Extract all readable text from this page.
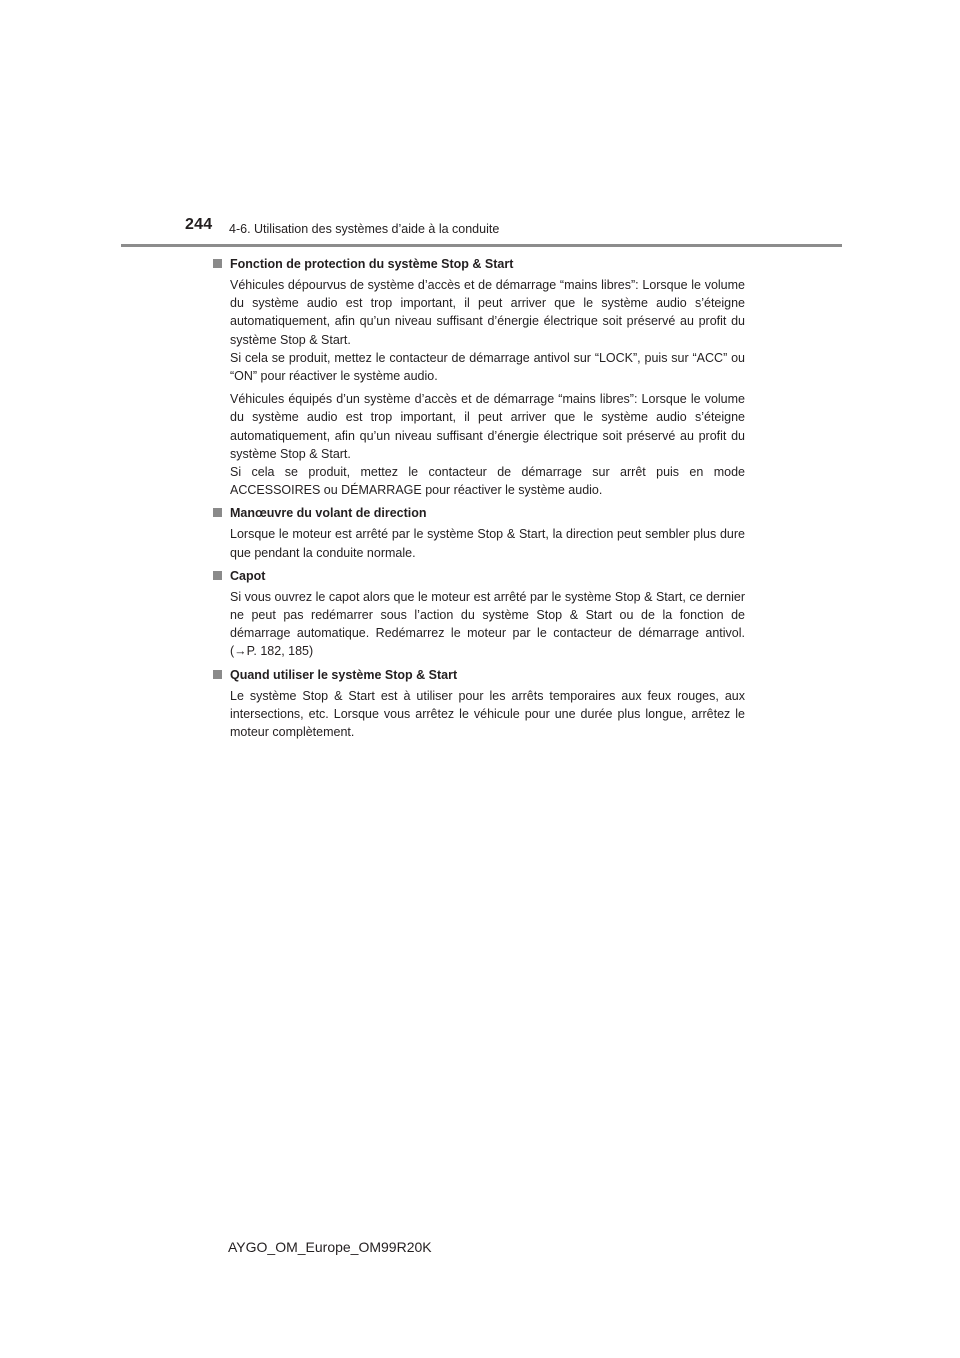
244 4-6. Utilisation des systèmes d’aide à la conduite
Fonction de protection du système Stop & Start
Véhicules dépourvus de système d’accès et de démarrage “mains libres”: Lorsque le volume du système audio est trop important, il peut arriver que le système audio s’éteigne automatiquement, afin qu’un niveau suffisant d’énergie électrique soit préservé au profit du système Stop & Start.
Si cela se produit, mettez le contacteur de démarrage antivol sur “LOCK”, puis sur “ACC” ou “ON” pour réactiver le système audio.
Véhicules équipés d’un système d’accès et de démarrage “mains libres”: Lorsque le volume du système audio est trop important, il peut arriver que le système audio s’éteigne automatiquement, afin qu’un niveau suffisant d’énergie électrique soit préservé au profit du système Stop & Start.
Si cela se produit, mettez le contacteur de démarrage sur arrêt puis en mode ACCESSOIRES ou DÉMARRAGE pour réactiver le système audio.
Manœuvre du volant de direction
Lorsque le moteur est arrêté par le système Stop & Start, la direction peut sembler plus dure que pendant la conduite normale.
Capot
Si vous ouvrez le capot alors que le moteur est arrêté par le système Stop & Start, ce dernier ne peut pas redémarrer sous l’action du système Stop & Start ou de la fonction de démarrage automatique. Redémarrez le moteur par le contacteur de démarrage antivol. (→P. 182, 185)
Quand utiliser le système Stop & Start
Le système Stop & Start est à utiliser pour les arrêts temporaires aux feux rouges, aux intersections, etc. Lorsque vous arrêtez le véhicule pour une durée plus longue, arrêtez le moteur complètement.
AYGO_OM_Europe_OM99R20K
